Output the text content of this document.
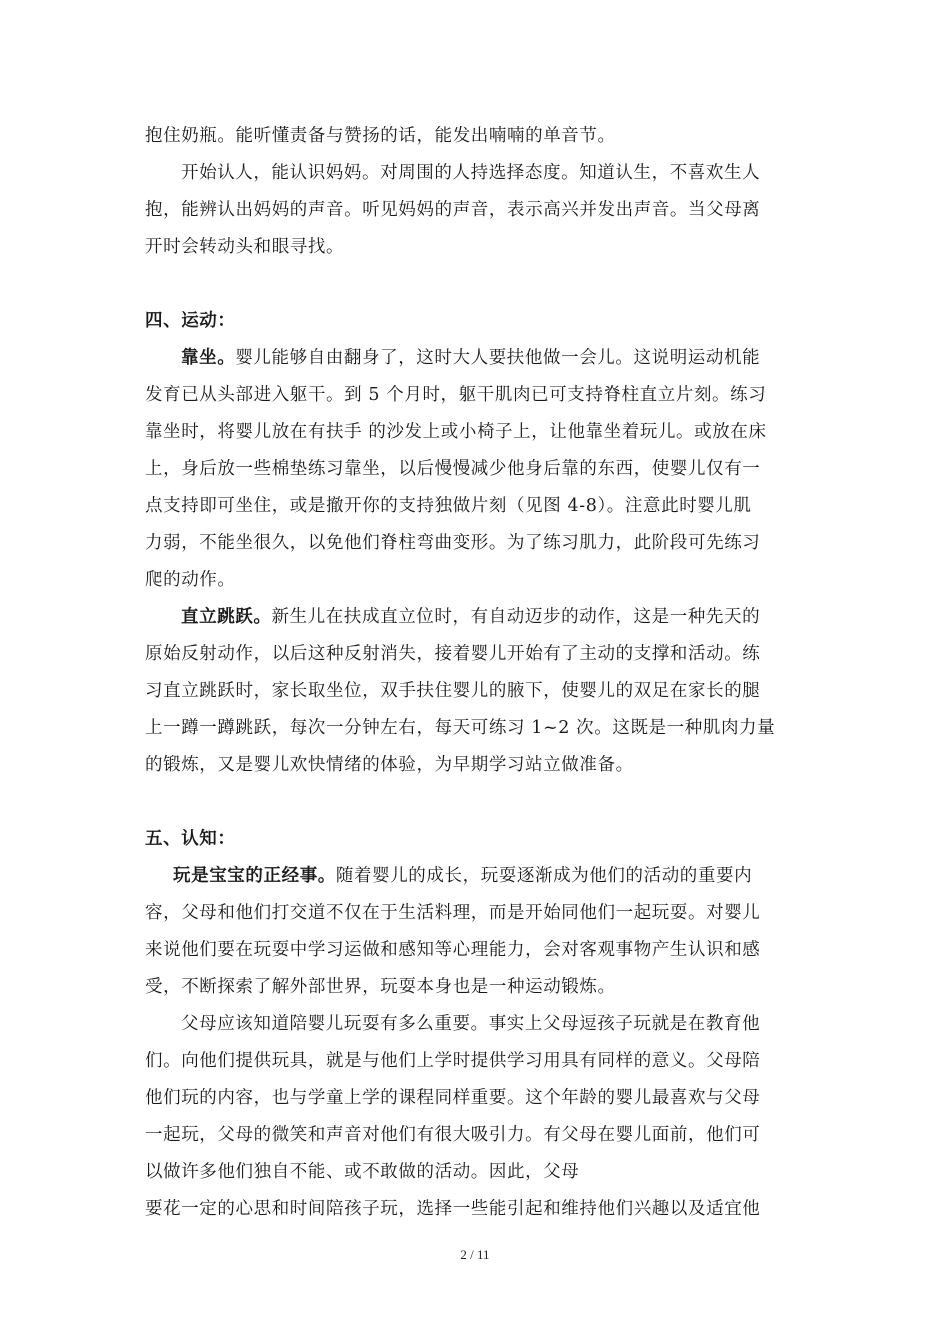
抱住奶瓶。能听懂责备与赞扬的话，能发出喃喃的单音节。
开始认人，能认识妈妈。对周围的人持选择态度。知道认生，不喜欢生人
抱，能辨认出妈妈的声音。听见妈妈的声音，表示高兴并发出声音。当父母离
开时会转动头和眼寻找。
四、运动：
靠坐。婴儿能够自由翻身了，这时大人要扶他做一会儿。这说明运动机能
发育已从头部进入躯干。到 5 个月时，躯干肌肉已可支持脊柱直立片刻。练习
靠坐时，将婴儿放在有扶手 的沙发上或小椅子上，让他靠坐着玩儿。或放在床
上，身后放一些棉垫练习靠坐，以后慢慢减少他身后靠的东西，使婴儿仅有一
点支持即可坐住，或是撤开你的支持独做片刻（见图 4-8）。注意此时婴儿肌
力弱，不能坐很久，以免他们脊柱弯曲变形。为了练习肌力，此阶段可先练习
爬的动作。
直立跳跃。新生儿在扶成直立位时，有自动迈步的动作，这是一种先天的
原始反射动作，以后这种反射消失，接着婴儿开始有了主动的支撑和活动。练
习直立跳跃时，家长取坐位，双手扶住婴儿的腋下，使婴儿的双足在家长的腿
上一蹲一蹲跳跃，每次一分钟左右，每天可练习 1~2 次。这既是一种肌肉力量
的锻炼，又是婴儿欢快情绪的体验，为早期学习站立做准备。
五、认知：
玩是宝宝的正经事。随着婴儿的成长，玩耍逐渐成为他们的活动的重要内
容，父母和他们打交道不仅在于生活料理，而是开始同他们一起玩耍。对婴儿
来说他们要在玩耍中学习运做和感知等心理能力，会对客观事物产生认识和感
受，不断探索了解外部世界，玩耍本身也是一种运动锻炼。
父母应该知道陪婴儿玩耍有多么重要。事实上父母逗孩子玩就是在教育他
们。向他们提供玩具，就是与他们上学时提供学习用具有同样的意义。父母陪
他们玩的内容，也与学童上学的课程同样重要。这个年龄的婴儿最喜欢与父母
一起玩，父母的微笑和声音对他们有很大吸引力。有父母在婴儿面前，他们可
以做许多他们独自不能、或不敢做的活动。因此，父母
要花一定的心思和时间陪孩子玩，选择一些能引起和维持他们兴趣以及适宜他
2 / 11
